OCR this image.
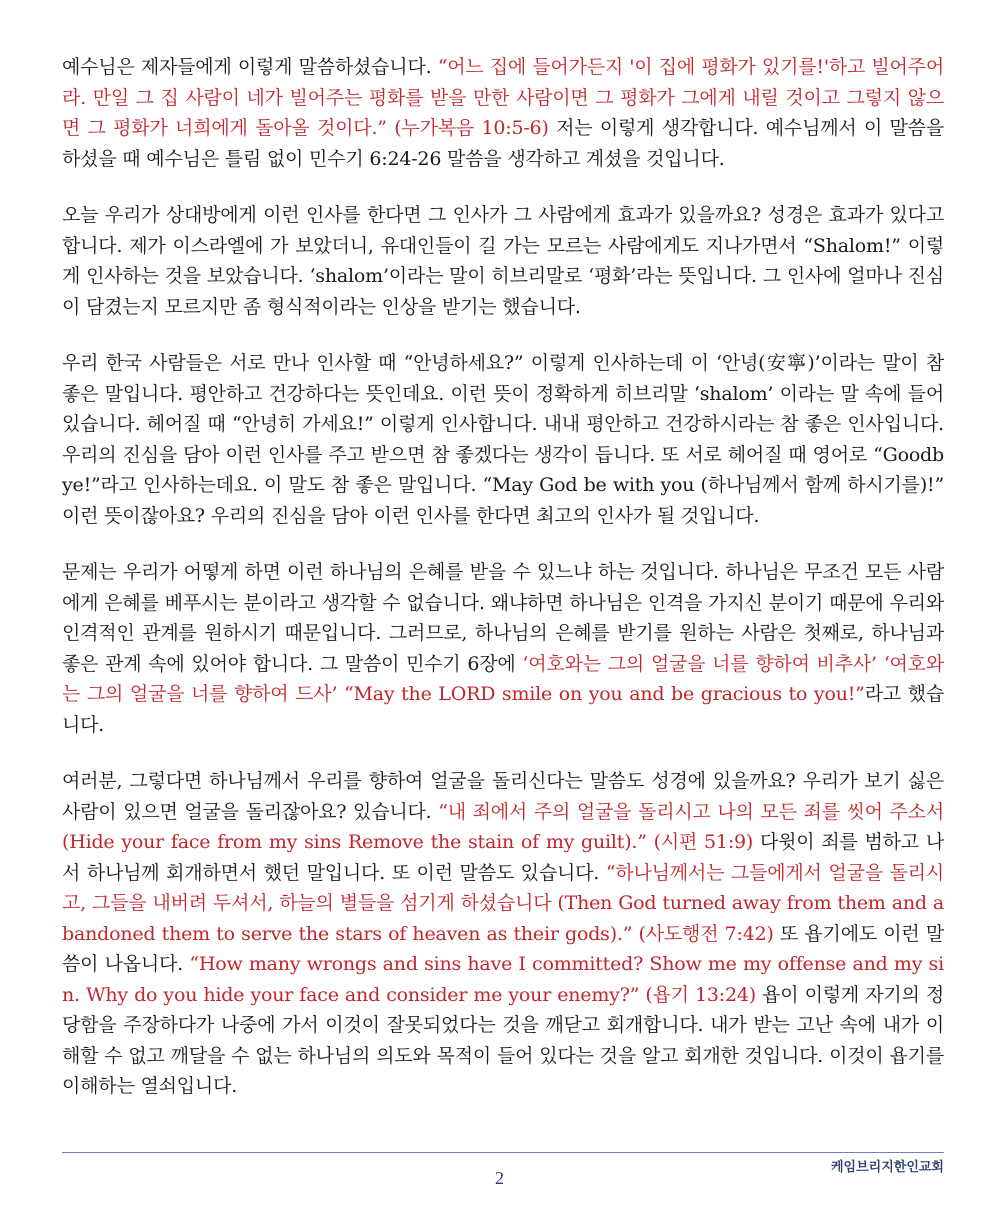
예수님은 제자들에게 이렇게 말씀하셨습니다. “어느 집에 들어가든지 '이 집에 평화가 있기를!'하고 빌어주어라. 만일 그 집 사람이 네가 빌어주는 평화를 받을 만한 사람이면 그 평화가 그에게 내릴 것이고 그렇지 않으면 그 평화가 너희에게 돌아올 것이다.” (누가복음 10:5-6) 저는 이렇게 생각합니다. 예수님께서 이 말씀을 하셨을 때 예수님은 틀림 없이 민수기 6:24-26 말씀을 생각하고 계셨을 것입니다.

오늘 우리가 상대방에게 이런 인사를 한다면 그 인사가 그 사람에게 효과가 있을까요? 성경은 효과가 있다고 합니다. 제가 이스라엘에 가 보았더니, 유대인들이 길 가는 모르는 사람에게도 지나가면서 “Shalom!” 이렇게 인사하는 것을 보았습니다. ‘shalom’이라는 말이 히브리말로 ‘평화’라는 뜻입니다. 그 인사에 얼마나 진심이 담겼는지 모르지만 좀 형식적이라는 인상을 받기는 했습니다.

우리 한국 사람들은 서로 만나 인사할 때 “안녕하세요?” 이렇게 인사하는데 이 ‘안녕(安寧)’이라는 말이 참 좋은 말입니다. 평안하고 건강하다는 뜻인데요. 이런 뜻이 정확하게 히브리말 ‘shalom’ 이라는 말 속에 들어 있습니다. 헤어질 때 “안녕히 가세요!” 이렇게 인사합니다. 내내 평안하고 건강하시라는 참 좋은 인사입니다. 우리의 진심을 담아 이런 인사를 주고 받으면 참 좋겠다는 생각이 듭니다. 또 서로 헤어질 때 영어로 “Goodbye!”라고 인사하는데요. 이 말도 참 좋은 말입니다. “May God be with you (하나님께서 함께 하시기를)!” 이런 뜻이잖아요? 우리의 진심을 담아 이런 인사를 한다면 최고의 인사가 될 것입니다.

문제는 우리가 어떻게 하면 이런 하나님의 은혜를 받을 수 있느냐 하는 것입니다. 하나님은 무조건 모든 사람에게 은혜를 베푸시는 분이라고 생각할 수 없습니다. 왜냐하면 하나님은 인격을 가지신 분이기 때문에 우리와 인격적인 관계를 원하시기 때문입니다. 그러므로, 하나님의 은혜를 받기를 원하는 사람은 첫째로, 하나님과 좋은 관계 속에 있어야 합니다. 그 말씀이 민수기 6장에 ‘여호와는 그의 얼굴을 너를 향하여 비추사’ ‘여호와는 그의 얼굴을 너를 향하여 드사’ “May the LORD smile on you and be gracious to you!”라고 했습니다.

여러분, 그렇다면 하나님께서 우리를 향하여 얼굴을 돌리신다는 말씀도 성경에 있을까요? 우리가 보기 싫은 사람이 있으면 얼굴을 돌리잖아요? 있습니다. “내 죄에서 주의 얼굴을 돌리시고 나의 모든 죄를 씻어 주소서 (Hide your face from my sins Remove the stain of my guilt).” (시편 51:9) 다윗이 죄를 범하고 나서 하나님께 회개하면서 했던 말입니다. 또 이런 말씀도 있습니다. “하나님께서는 그들에게서 얼굴을 돌리시고, 그들을 내버려 두셔서, 하늘의 별들을 섬기게 하셨습니다 (Then God turned away from them and abandoned them to serve the stars of heaven as their gods).” (사도행전 7:42) 또 욥기에도 이런 말씀이 나옵니다. “How many wrongs and sins have I committed? Show me my offense and my sin. Why do you hide your face and consider me your enemy?” (욥기 13:24) 욥이 이렇게 자기의 정당함을 주장하다가 나중에 가서 이것이 잘못되었다는 것을 깨닫고 회개합니다. 내가 받는 고난 속에 내가 이해할 수 없고 깨달을 수 없는 하나님의 의도와 목적이 들어 있다는 것을 알고 회개한 것입니다. 이것이 욥기를 이해하는 열쇠입니다.

2
케임브리지한인교회
